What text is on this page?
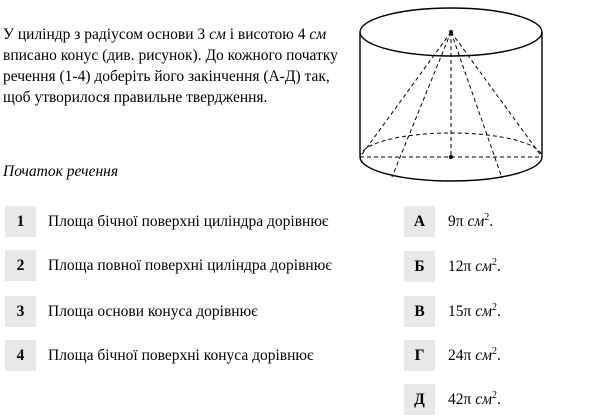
У циліндр з радіусом основи 3 см і висотою 4 см вписано конус (див. рисунок). До кожного початку речення (1-4) доберіть його закінчення (А-Д) так, щоб утворилося правильне твердження.
Початок речення
1	Площа бічної поверхні циліндра дорівнює
2	Площа повної поверхні циліндра дорівнює
3	Площа основи конуса дорівнює
4	Площа бічної поверхні конуса дорівнює
А	9π $см^2$.
Б	12π $см^2$.
В	15π $см^2$.
Г	24π $см^2$.
Д	42π $см^2$.
